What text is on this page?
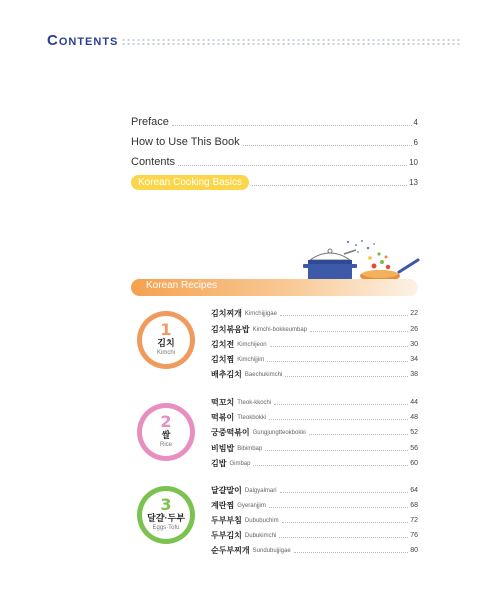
Contents
Preface	4
How to Use This Book	6
Contents	10
Korean Cooking Basics	13
Korean Recipes
1
김치
Kimchi
2
쌀
Rice
3
달걀·두부
Eggs·Tofu
김치찌개 Kimchijjigae	22
김치볶음밥 Kimchi-bokkeumbap	26
김치전 Kimchijeon	30
김치찜 Kimchijjim	34
배추김치 Baechukimchi	38
떡꼬치 Tteok-kkochi	44
떡볶이 Tteokbokki	48
궁중떡볶이 Gungjungtteokbokki	52
비빔밥 Bibimbap	56
김밥 Gimbap	60
달걀말이 Dalgyalmari	64
계란찜 Gyeranjjim	68
두부부침 Dububuchim	72
두부김치 Dubukimchi	76
순두부찌개 Sundubujjigae	80
